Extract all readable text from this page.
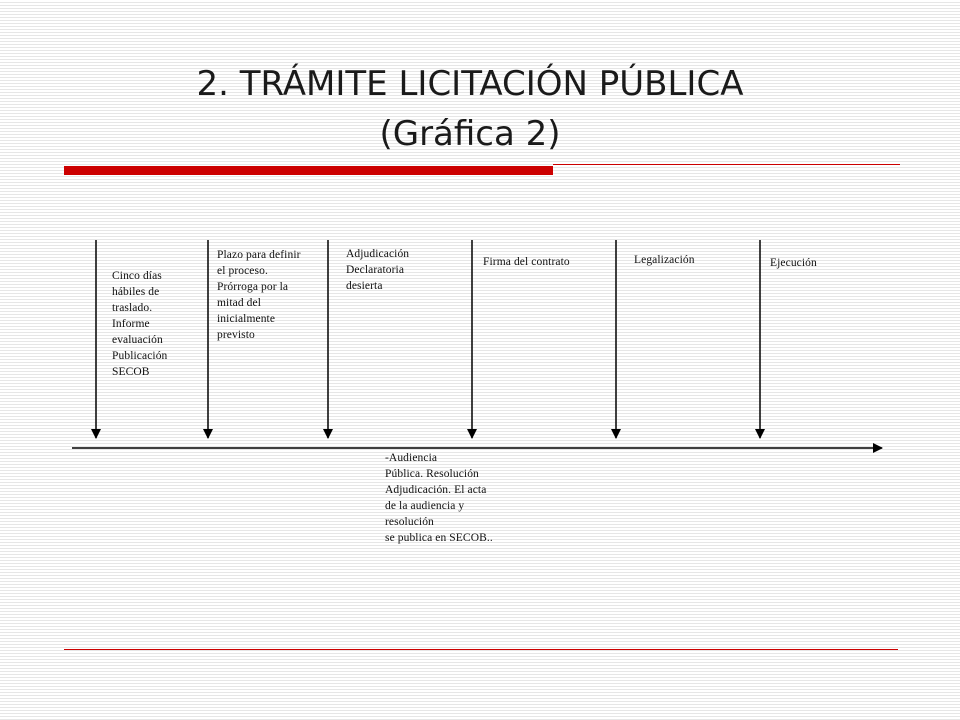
2. TRÁMITE LICITACIÓN PÚBLICA
(Gráfica 2)
Cinco días
hábiles de
traslado.
Informe
evaluación
Publicación
SECOB
Plazo para definir
el proceso.
Prórroga por la
mitad del
inicialmente
previsto
Adjudicación
Declaratoria
desierta
Firma del contrato	Legalización	Ejecución
-Audiencia
Pública. Resolución
Adjudicación. El acta
de la audiencia y
resolución
se publica en SECOB..
